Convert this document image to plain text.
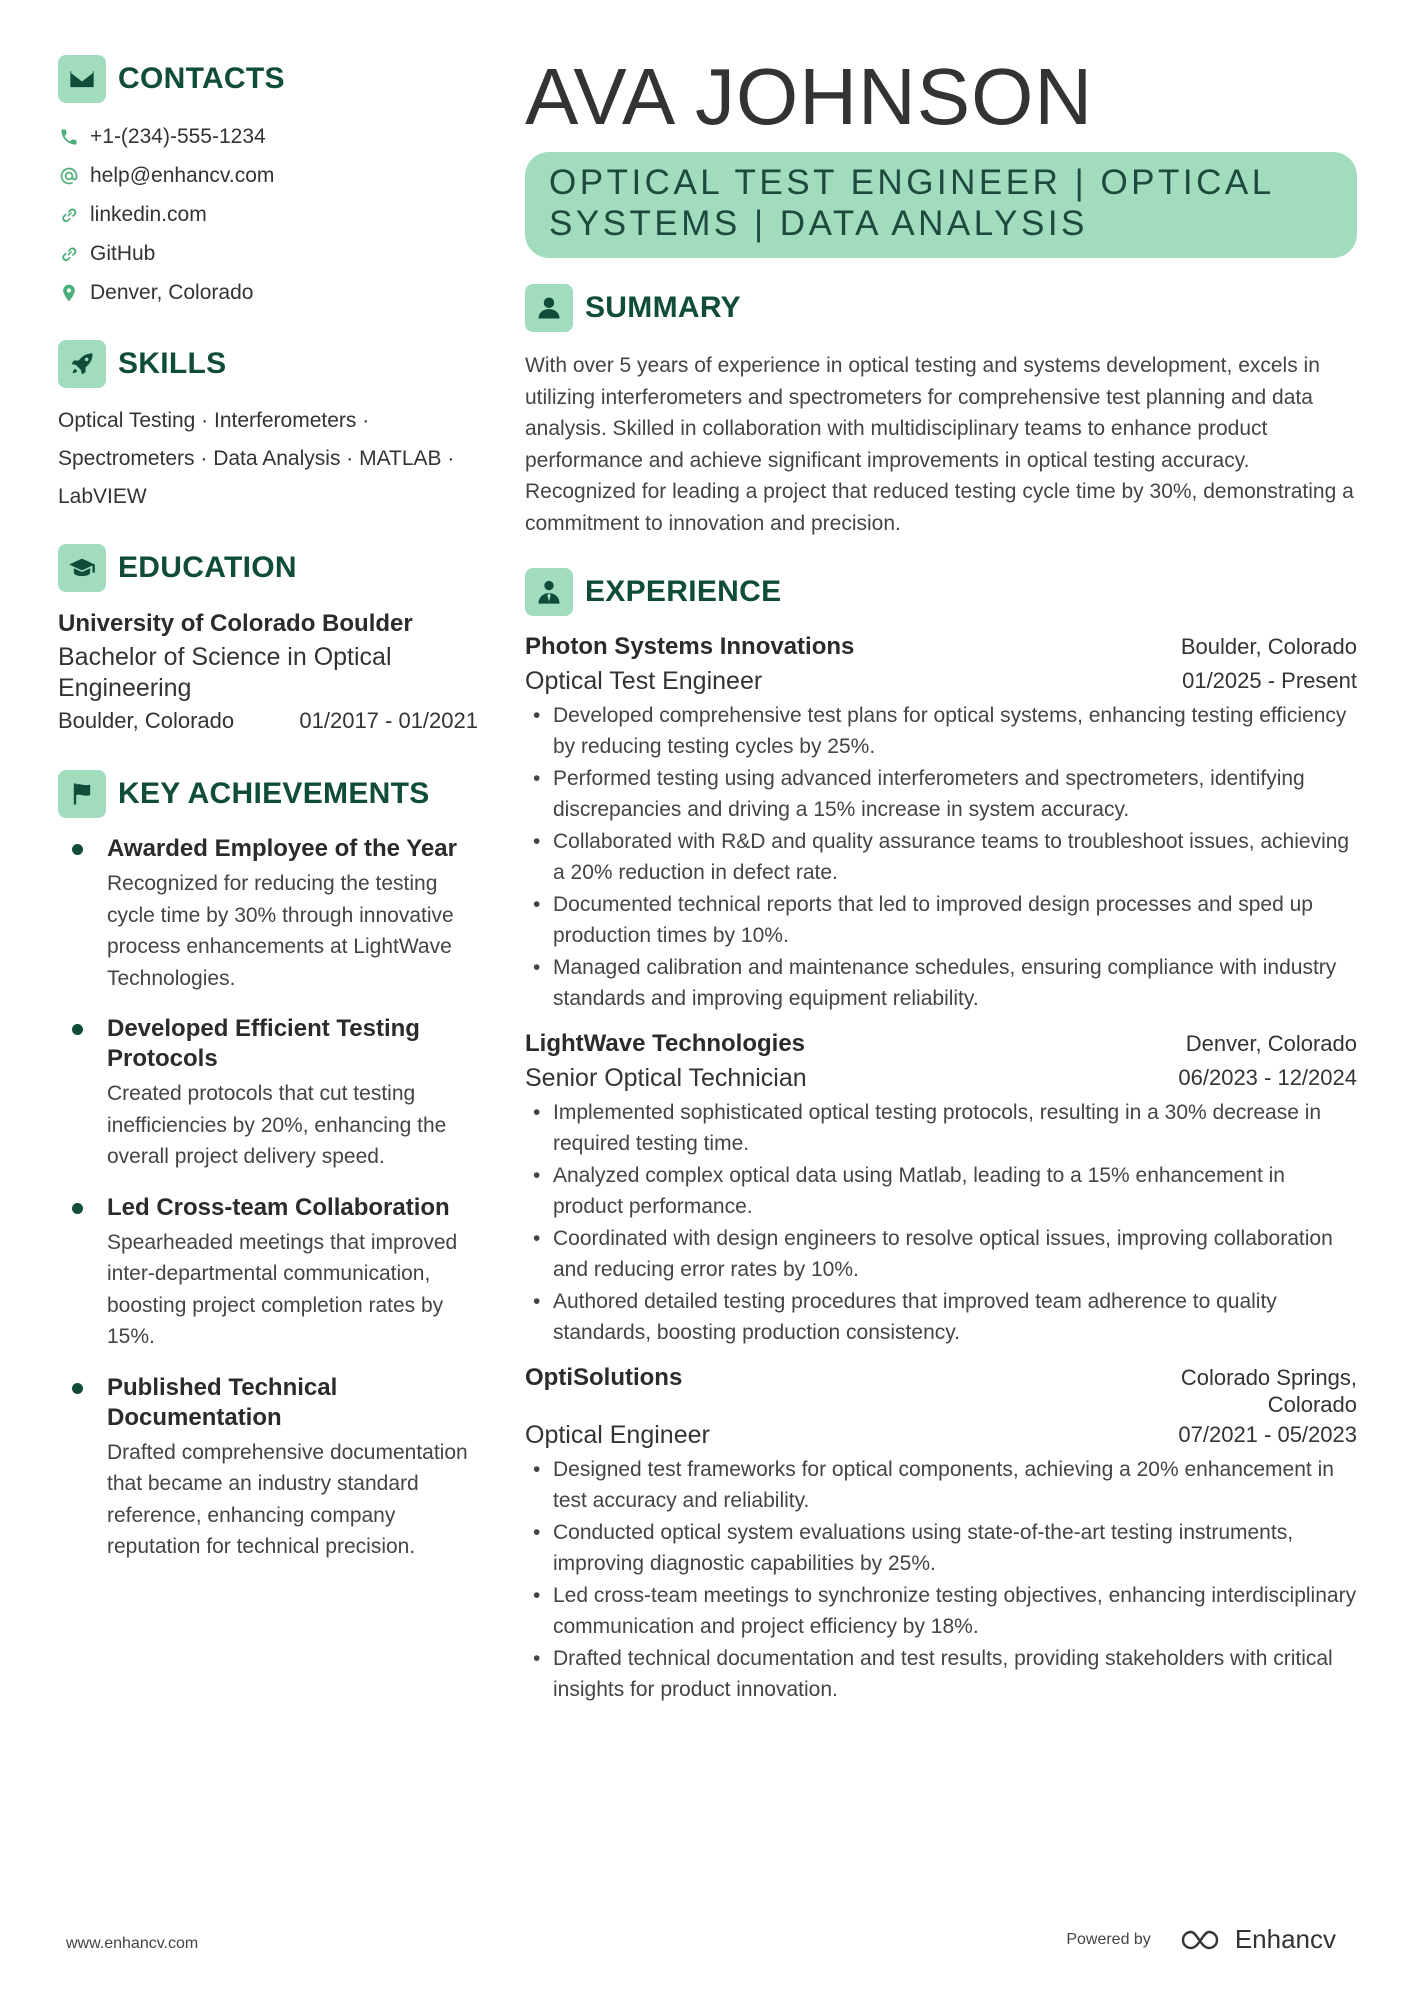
CONTACTS
+1-(234)-555-1234
help@enhancv.com
linkedin.com
GitHub
Denver, Colorado
SKILLS
Optical Testing · Interferometers · Spectrometers · Data Analysis · MATLAB · LabVIEW
EDUCATION
University of Colorado Boulder
Bachelor of Science in Optical Engineering
Boulder, Colorado	01/2017 - 01/2021
KEY ACHIEVEMENTS
Awarded Employee of the Year
Recognized for reducing the testing cycle time by 30% through innovative process enhancements at LightWave Technologies.
Developed Efficient Testing Protocols
Created protocols that cut testing inefficiencies by 20%, enhancing the overall project delivery speed.
Led Cross-team Collaboration
Spearheaded meetings that improved inter-departmental communication, boosting project completion rates by 15%.
Published Technical Documentation
Drafted comprehensive documentation that became an industry standard reference, enhancing company reputation for technical precision.
AVA JOHNSON
OPTICAL TEST ENGINEER | OPTICAL SYSTEMS | DATA ANALYSIS
SUMMARY
With over 5 years of experience in optical testing and systems development, excels in utilizing interferometers and spectrometers for comprehensive test planning and data analysis. Skilled in collaboration with multidisciplinary teams to enhance product performance and achieve significant improvements in optical testing accuracy. Recognized for leading a project that reduced testing cycle time by 30%, demonstrating a commitment to innovation and precision.
EXPERIENCE
Photon Systems Innovations	Boulder, Colorado
Optical Test Engineer	01/2025 - Present
• Developed comprehensive test plans for optical systems, enhancing testing efficiency by reducing testing cycles by 25%.
• Performed testing using advanced interferometers and spectrometers, identifying discrepancies and driving a 15% increase in system accuracy.
• Collaborated with R&D and quality assurance teams to troubleshoot issues, achieving a 20% reduction in defect rate.
• Documented technical reports that led to improved design processes and sped up production times by 10%.
• Managed calibration and maintenance schedules, ensuring compliance with industry standards and improving equipment reliability.
LightWave Technologies	Denver, Colorado
Senior Optical Technician	06/2023 - 12/2024
• Implemented sophisticated optical testing protocols, resulting in a 30% decrease in required testing time.
• Analyzed complex optical data using Matlab, leading to a 15% enhancement in product performance.
• Coordinated with design engineers to resolve optical issues, improving collaboration and reducing error rates by 10%.
• Authored detailed testing procedures that improved team adherence to quality standards, boosting production consistency.
OptiSolutions	Colorado Springs, Colorado
Optical Engineer	07/2021 - 05/2023
• Designed test frameworks for optical components, achieving a 20% enhancement in test accuracy and reliability.
• Conducted optical system evaluations using state-of-the-art testing instruments, improving diagnostic capabilities by 25%.
• Led cross-team meetings to synchronize testing objectives, enhancing interdisciplinary communication and project efficiency by 18%.
• Drafted technical documentation and test results, providing stakeholders with critical insights for product innovation.
www.enhancv.com	Powered by	Enhancv
